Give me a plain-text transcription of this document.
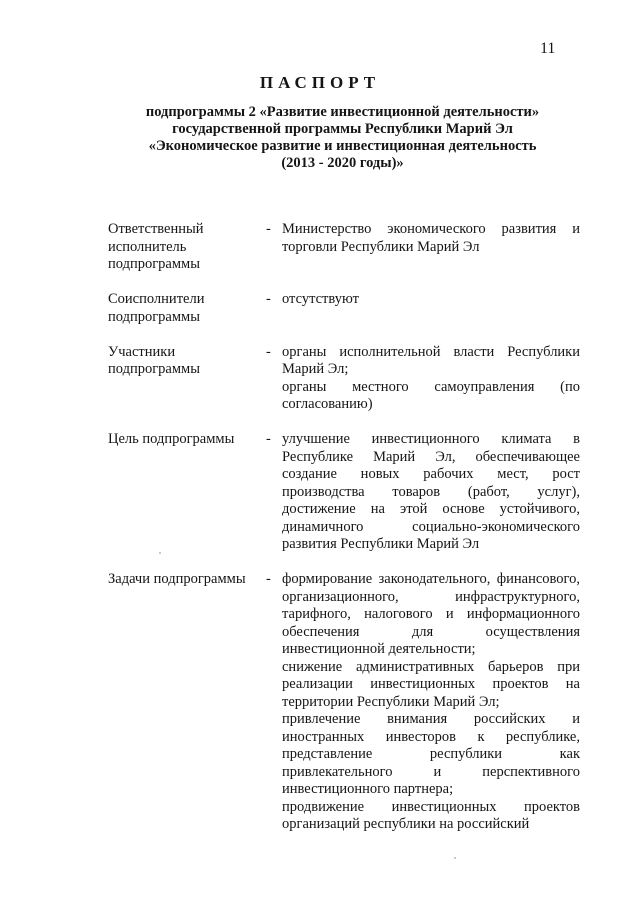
11
ПАСПОРТ
подпрограммы 2 «Развитие инвестиционной деятельности»
государственной программы Республики Марий Эл
«Экономическое развитие и инвестиционная деятельность
(2013 - 2020 годы)»
Ответственный исполнитель подпрограммы
- Министерство экономического развития и торговли Республики Марий Эл
Соисполнители подпрограммы
- отсутствуют
Участники подпрограммы
- органы исполнительной власти Республики Марий Эл;
органы местного самоуправления (по согласованию)
Цель подпрограммы	- улучшение инвестиционного климата в Республике Марий Эл, обеспечивающее создание новых рабочих мест, рост производства товаров (работ, услуг), достижение на этой основе устойчивого, динамичного социально-экономического развития Республики Марий Эл
Задачи подпрограммы	- формирование законодательного, финансового, организационного, инфраструктурного, тарифного, налогового и информационного обеспечения для осуществления инвестиционной деятельности;
снижение административных барьеров при реализации инвестиционных проектов на территории Республики Марий Эл;
привлечение внимания российских и иностранных инвесторов к республике, представление республики как привлекательного и перспективного инвестиционного партнера;
продвижение инвестиционных проектов организаций республики на российский
